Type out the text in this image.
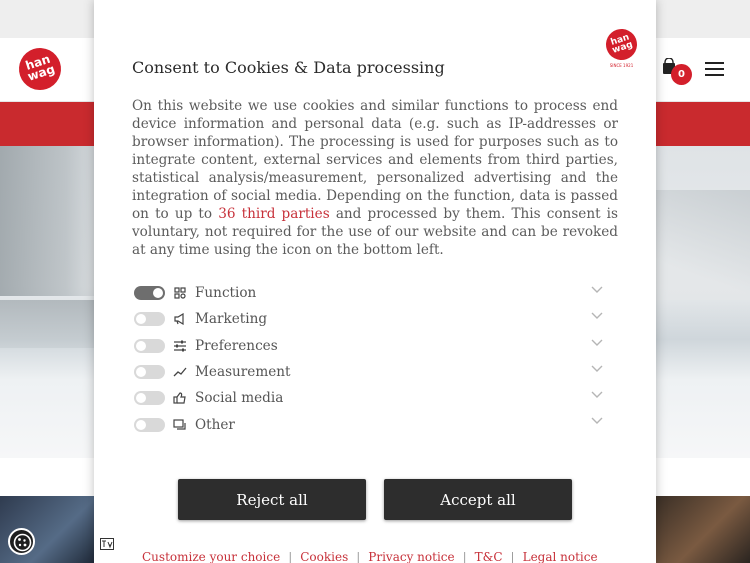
han wag	0
han wag
SINCE 1921
Consent to Cookies & Data processing

On this website we use cookies and similar functions to process end device information and personal data (e.g. such as IP-addresses or browser information). The processing is used for purposes such as to integrate content, external services and elements from third parties, statistical analysis/measurement, personalized advertising and the integration of social media. Depending on the function, data is passed on to up to 36 third parties and processed by them. This consent is voluntary, not required for the use of our website and can be revoked at any time using the icon on the bottom left.

Function
Marketing
Preferences
Measurement
Social media
Other
Reject all	Accept all
Customize your choice | Cookies | Privacy notice | T&C | Legal notice
